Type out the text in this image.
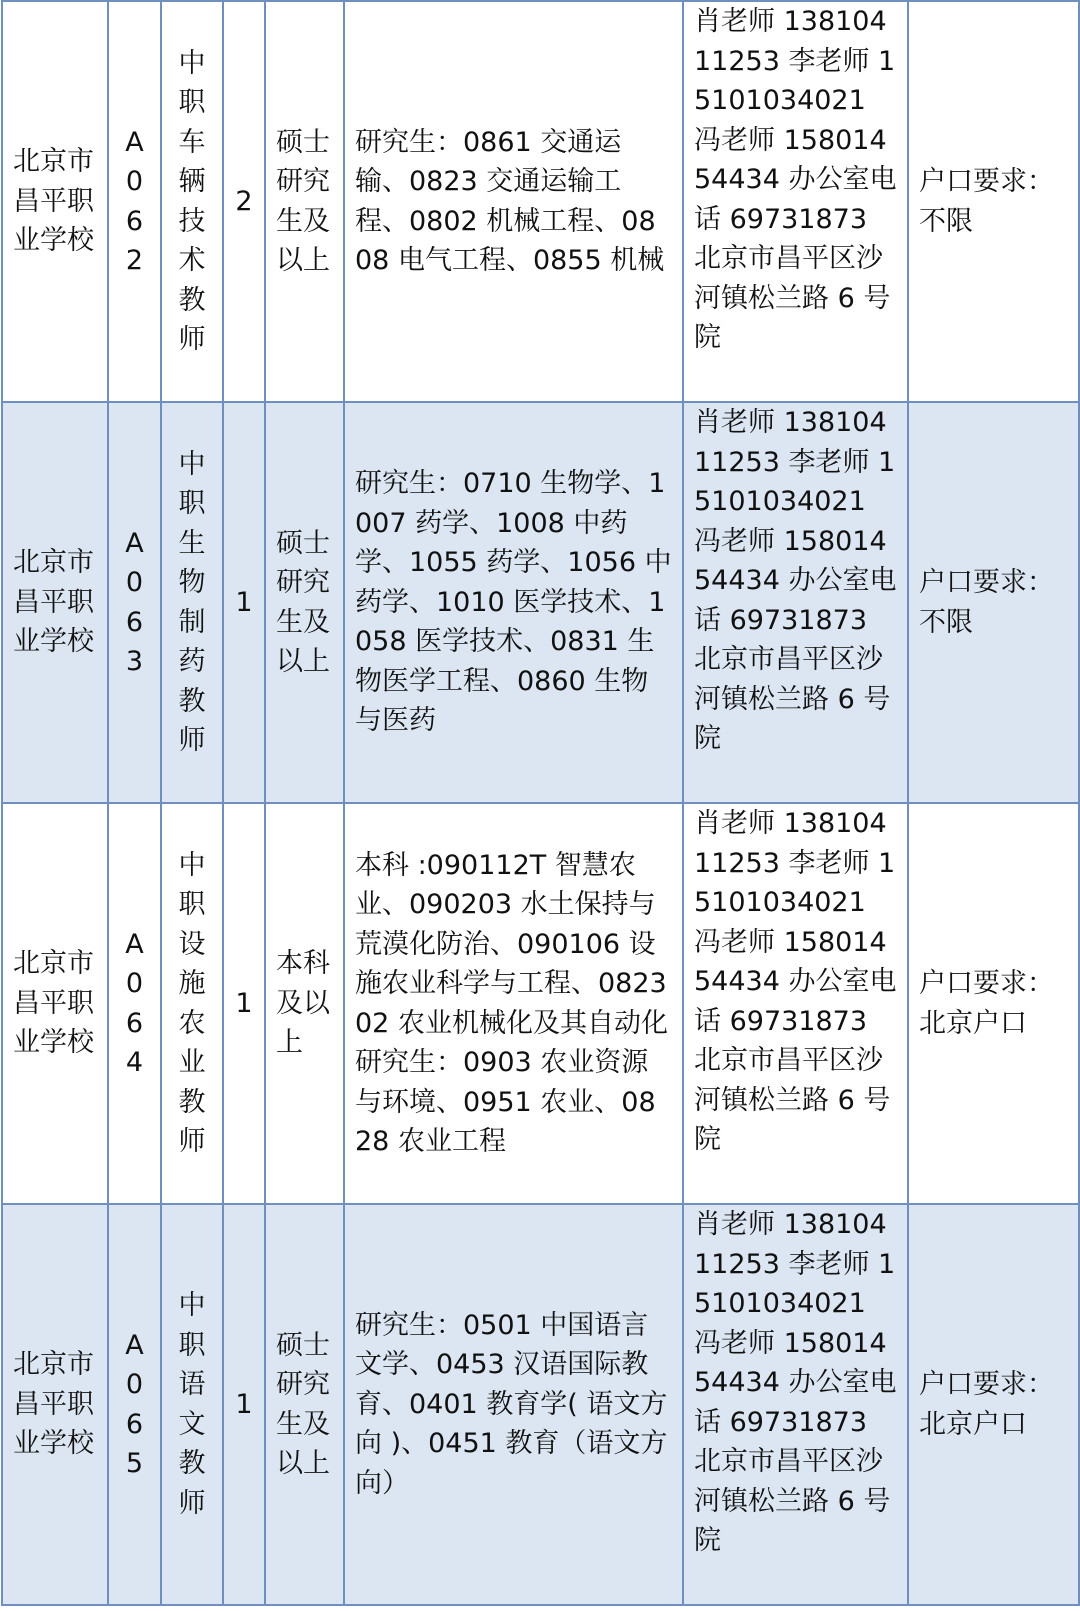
北京市昌平职业学校	A062	中职车辆技术教师	2	硕士研究生及以上	研究生：0861 交通运输、0823 交通运输工程、0802 机械工程、0808 电气工程、0855 机械	肖老师 13810411253 李老师 15101034021 冯老师 15801454434 办公室电话 69731873　北京市昌平区沙河镇松兰路 6 号院	户口要求：不限
北京市昌平职业学校	A063	中职生物制药教师	1	硕士研究生及以上	研究生：0710 生物学、1007 药学、1008 中药学、1055 药学、1056 中药学、1010 医学技术、1058 医学技术、0831 生物医学工程、0860 生物与医药	肖老师 13810411253 李老师 15101034021 冯老师 15801454434 办公室电话 69731873　北京市昌平区沙河镇松兰路 6 号院	户口要求：不限
北京市昌平职业学校	A064	中职设施农业教师	1	本科及以上	本科 :090112T 智慧农业、090203 水土保持与荒漠化防治、090106 设施农业科学与工程、082302 农业机械化及其自动化 研究生：0903 农业资源与环境、0951 农业、0828 农业工程	肖老师 13810411253 李老师 15101034021 冯老师 15801454434 办公室电话 69731873　北京市昌平区沙河镇松兰路 6 号院	户口要求：北京户口
北京市昌平职业学校	A065	中职语文教师	1	硕士研究生及以上	研究生：0501 中国语言文学、0453 汉语国际教育、0401 教育学( 语文方向 )、0451 教育（语文方向）	肖老师 13810411253 李老师 15101034021 冯老师 15801454434 办公室电话 69731873　北京市昌平区沙河镇松兰路 6 号院	户口要求：北京户口
